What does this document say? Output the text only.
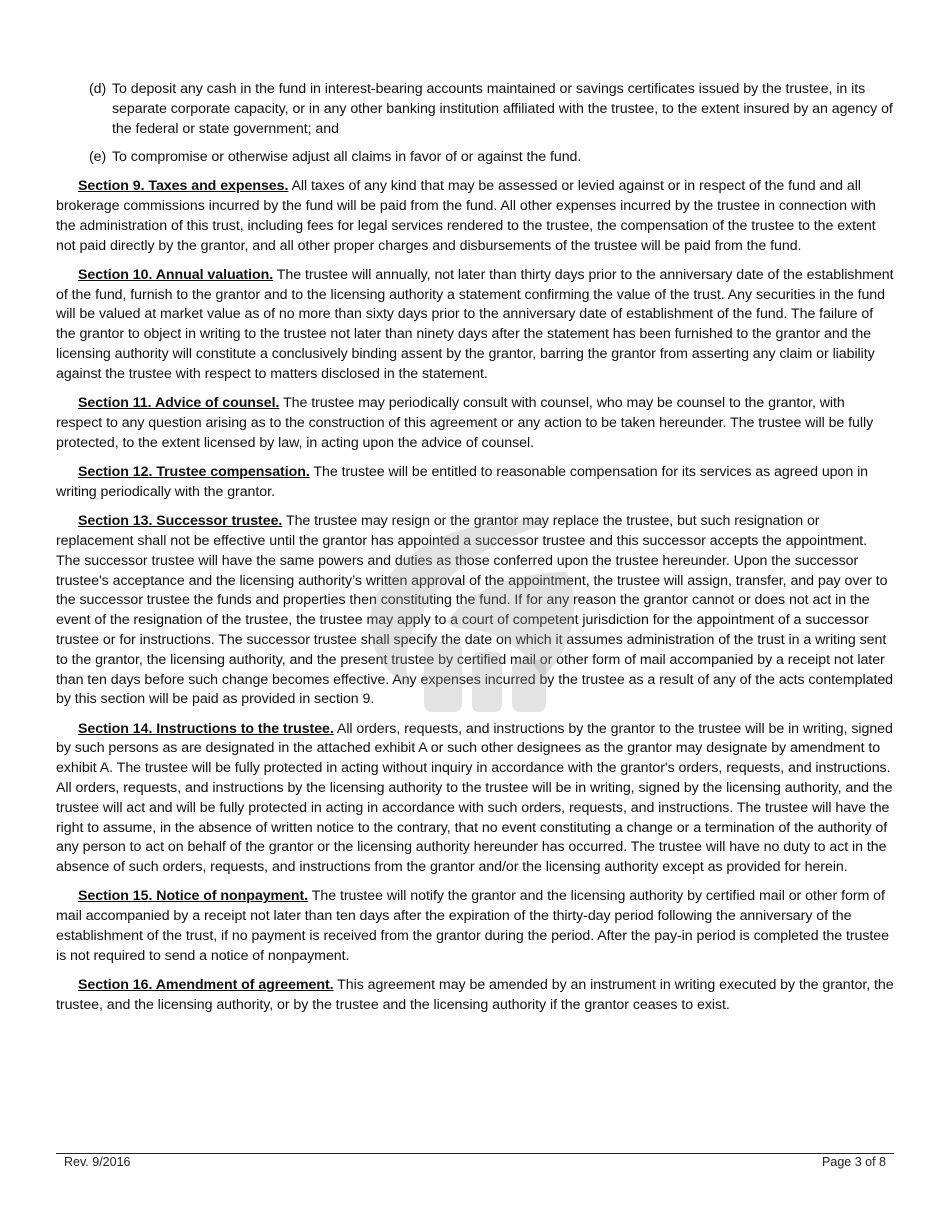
(d) To deposit any cash in the fund in interest-bearing accounts maintained or savings certificates issued by the trustee, in its separate corporate capacity, or in any other banking institution affiliated with the trustee, to the extent insured by an agency of the federal or state government; and
(e) To compromise or otherwise adjust all claims in favor of or against the fund.

Section 9. Taxes and expenses. All taxes of any kind that may be assessed or levied against or in respect of the fund and all brokerage commissions incurred by the fund will be paid from the fund. All other expenses incurred by the trustee in connection with the administration of this trust, including fees for legal services rendered to the trustee, the compensation of the trustee to the extent not paid directly by the grantor, and all other proper charges and disbursements of the trustee will be paid from the fund.

Section 10. Annual valuation. The trustee will annually, not later than thirty days prior to the anniversary date of the establishment of the fund, furnish to the grantor and to the licensing authority a statement confirming the value of the trust. Any securities in the fund will be valued at market value as of no more than sixty days prior to the anniversary date of establishment of the fund. The failure of the grantor to object in writing to the trustee not later than ninety days after the statement has been furnished to the grantor and the licensing authority will constitute a conclusively binding assent by the grantor, barring the grantor from asserting any claim or liability against the trustee with respect to matters disclosed in the statement.

Section 11. Advice of counsel. The trustee may periodically consult with counsel, who may be counsel to the grantor, with respect to any question arising as to the construction of this agreement or any action to be taken hereunder. The trustee will be fully protected, to the extent licensed by law, in acting upon the advice of counsel.

Section 12. Trustee compensation. The trustee will be entitled to reasonable compensation for its services as agreed upon in writing periodically with the grantor.

Section 13. Successor trustee. The trustee may resign or the grantor may replace the trustee, but such resignation or replacement shall not be effective until the grantor has appointed a successor trustee and this successor accepts the appointment. The successor trustee will have the same powers and duties as those conferred upon the trustee hereunder. Upon the successor trustee's acceptance and the licensing authority’s written approval of the appointment, the trustee will assign, transfer, and pay over to the successor trustee the funds and properties then constituting the fund. If for any reason the grantor cannot or does not act in the event of the resignation of the trustee, the trustee may apply to a court of competent jurisdiction for the appointment of a successor trustee or for instructions. The successor trustee shall specify the date on which it assumes administration of the trust in a writing sent to the grantor, the licensing authority, and the present trustee by certified mail or other form of mail accompanied by a receipt not later than ten days before such change becomes effective. Any expenses incurred by the trustee as a result of any of the acts contemplated by this section will be paid as provided in section 9.

Section 14. Instructions to the trustee. All orders, requests, and instructions by the grantor to the trustee will be in writing, signed by such persons as are designated in the attached exhibit A or such other designees as the grantor may designate by amendment to exhibit A. The trustee will be fully protected in acting without inquiry in accordance with the grantor's orders, requests, and instructions. All orders, requests, and instructions by the licensing authority to the trustee will be in writing, signed by the licensing authority, and the trustee will act and will be fully protected in acting in accordance with such orders, requests, and instructions. The trustee will have the right to assume, in the absence of written notice to the contrary, that no event constituting a change or a termination of the authority of any person to act on behalf of the grantor or the licensing authority hereunder has occurred. The trustee will have no duty to act in the absence of such orders, requests, and instructions from the grantor and/or the licensing authority except as provided for herein.

Section 15. Notice of nonpayment. The trustee will notify the grantor and the licensing authority by certified mail or other form of mail accompanied by a receipt not later than ten days after the expiration of the thirty-day period following the anniversary of the establishment of the trust, if no payment is received from the grantor during the period. After the pay-in period is completed the trustee is not required to send a notice of nonpayment.

Section 16. Amendment of agreement. This agreement may be amended by an instrument in writing executed by the grantor, the trustee, and the licensing authority, or by the trustee and the licensing authority if the grantor ceases to exist.

Rev. 9/2016	Page 3 of 8
